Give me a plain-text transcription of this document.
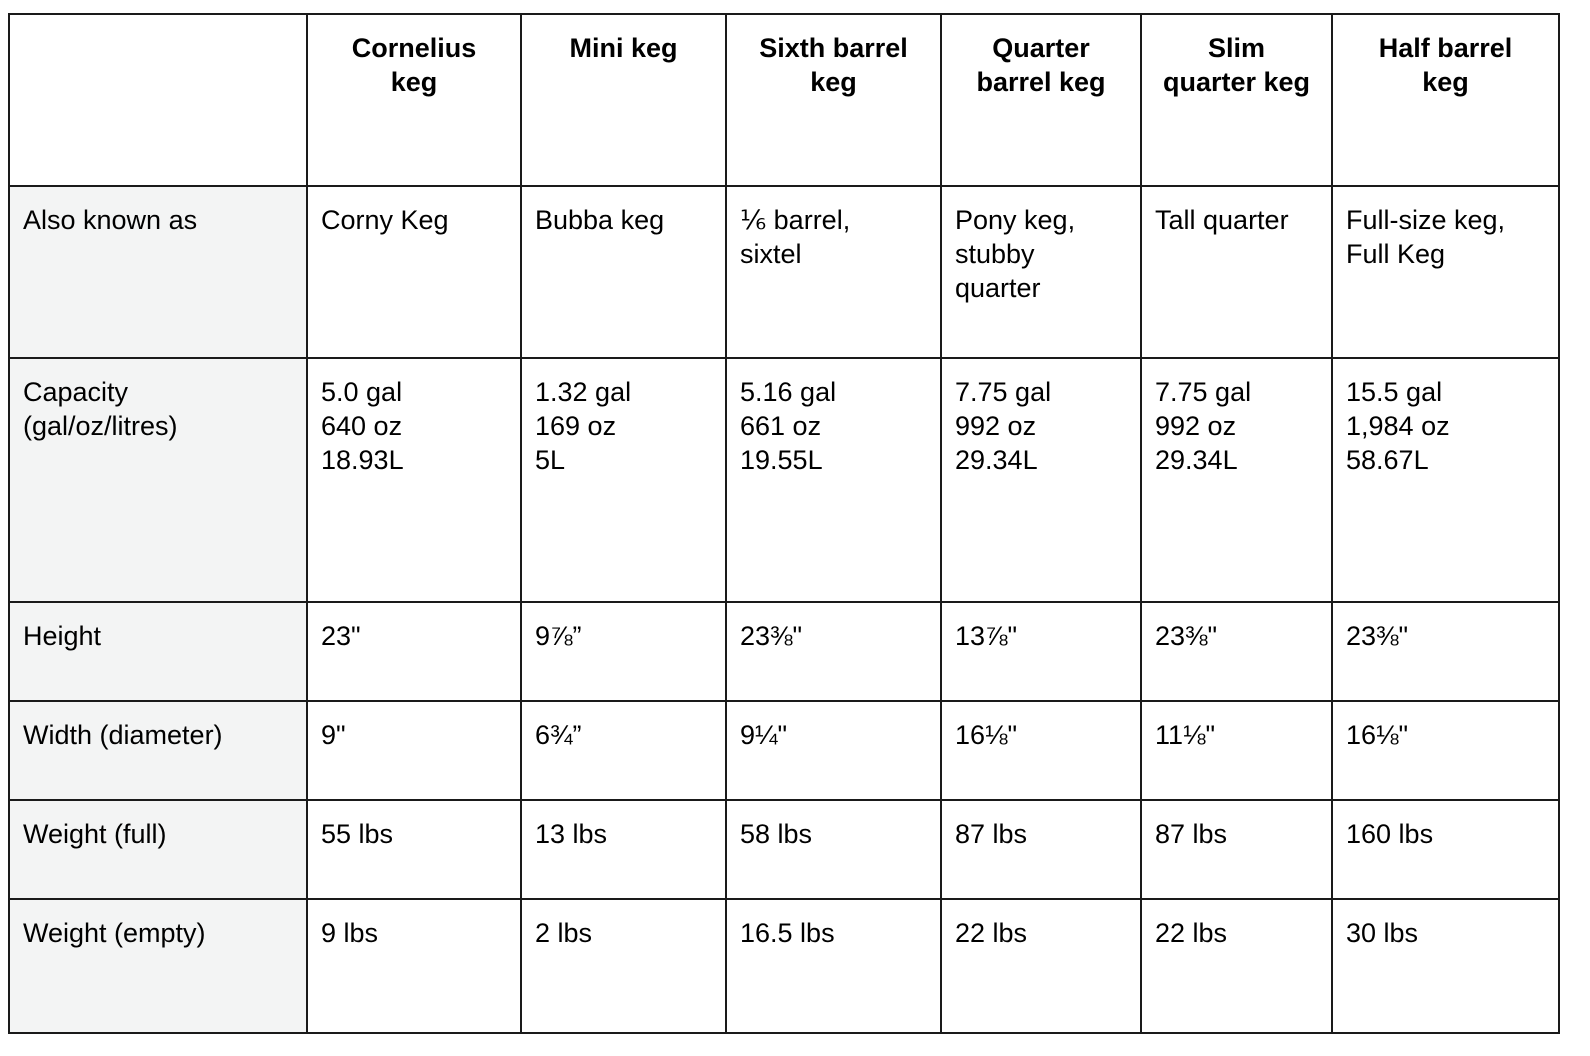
	Cornelius
keg	Mini keg	Sixth barrel
keg	Quarter
barrel keg	Slim
quarter keg	Half barrel
keg

Also known as	Corny Keg	Bubba keg	⅙ barrel,
sixtel	Pony keg,
stubby
quarter	Tall quarter	Full-size keg,
Full Keg

Capacity
(gal/oz/litres)	5.0 gal
640 oz
18.93L	1.32 gal
169 oz
5L	5.16 gal
661 oz
19.55L	7.75 gal
992 oz
29.34L	7.75 gal
992 oz
29.34L	15.5 gal
1,984 oz
58.67L

Height	23"	9⅞”	23⅜"	13⅞"	23⅜"	23⅜"

Width (diameter)	9"	6¾”	9¼"	16⅛"	11⅛"	16⅛"

Weight (full)	55 lbs	13 lbs	58 lbs	87 lbs	87 lbs	160 lbs

Weight (empty)	9 lbs	2 lbs	16.5 lbs	22 lbs	22 lbs	30 lbs
